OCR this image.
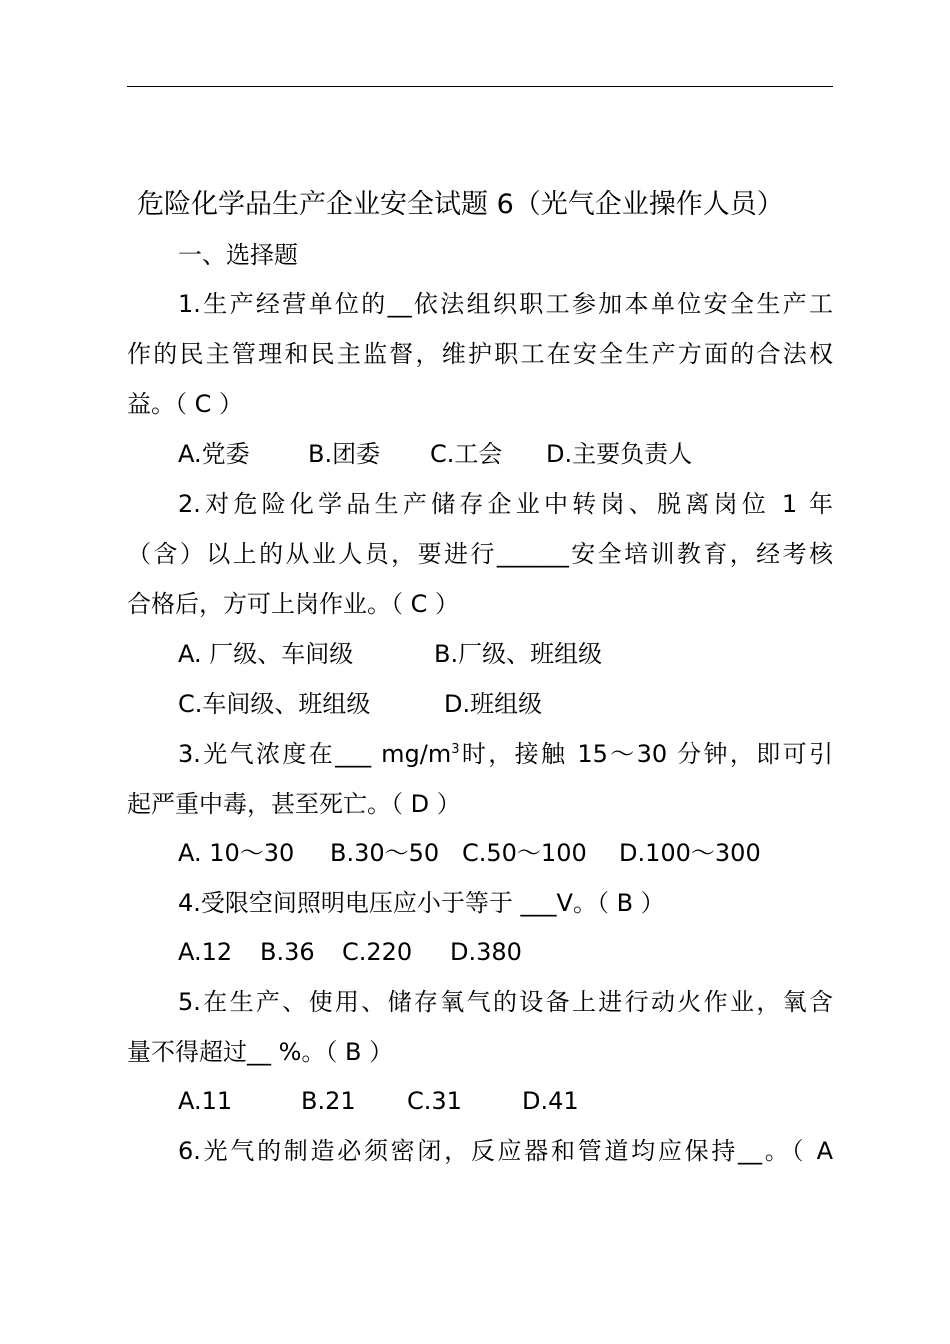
危险化学品生产企业安全试题 6（光气企业操作人员）
一、选择题
1.生产经营单位的__依法组织职工参加本单位安全生产工
作的民主管理和民主监督，维护职工在安全生产方面的合法权
益。（ C ）
A.党委	B.团委	C.工会	D.主要负责人
2.对危险化学品生产储存企业中转岗、脱离岗位 1 年
（含）以上的从业人员，要进行______安全培训教育，经考核
合格后，方可上岗作业。（ C ）
A. 厂级、车间级	B.厂级、班组级
C.车间级、班组级	D.班组级
3.光气浓度在___ $mg/m^3$时，接触 15～30 分钟，即可引
起严重中毒，甚至死亡。（ D ）
A. 10～30	B.30～50 C.50～100	D.100～300
4.受限空间照明电压应小于等于 ___V。（ B ）
A.12	B.36	C.220	D.380
5.在生产、使用、储存氧气的设备上进行动火作业，氧含
量不得超过__ %。（ B ）
A.11	B.21	C.31	D.41
6.光气的制造必须密闭，反应器和管道均应保持__。（ A
